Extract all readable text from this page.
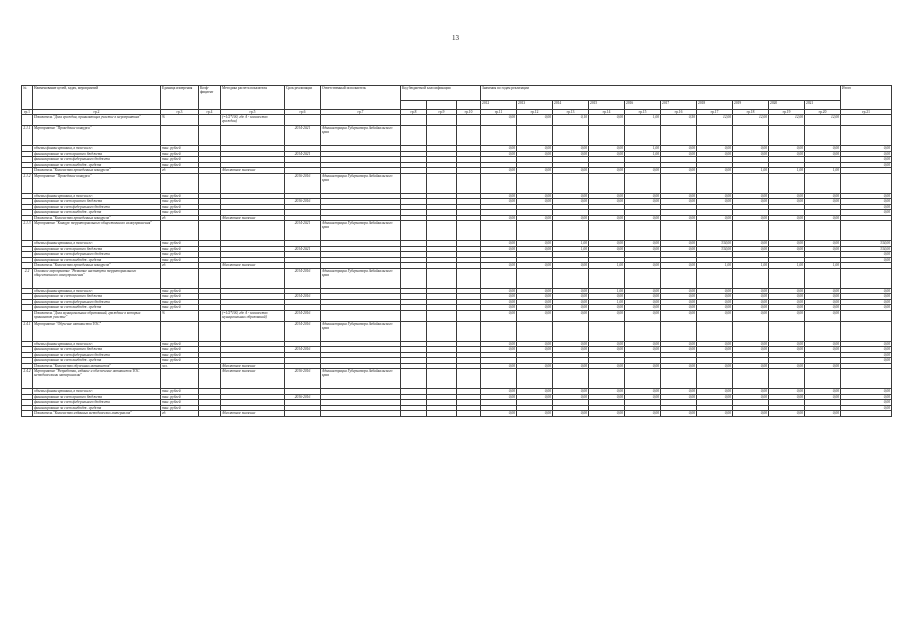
13
№	Наименование целей, задач, мероприятий	Единица измерения	Коэф-фициент	Методика расчета показателя	Срок реализации	Ответственный исполнитель	Код бюджетной классификации			Значения по годам реализации										Итого
										2012	2013	2014	2015	2016	2017	2018	2019	2020	2021	
гр.1	гр.2	гр.3	гр.4	гр.5	гр.6	гр.7	гр.8	гр.9	гр.10	гр.11	гр.12	гр.13	гр.14	гр.15	гр.16	гр.17	гр.18	гр.19	гр.20	гр.21
	Показатель "Доля граждан, принимающих участие в мероприятиях"	%		(=1/2*100, где А - количество граждан)						0,00	0,00	0,10	0,00	1,00	0,50	12,00	12,00	12,00	12,00	
2.1.1	Мероприятие "Проведение конкурса"				2014-2021	Администрация Губернатора Забайкальского края														
	объемы финансирования, в том числе:	тыс. рублей								0,00	0,00	0,00	0,00	1,00	0,00	0,00	0,00	0,00	0,00	0,00
	финансирование за счет краевого бюджета	тыс. рублей			2014-2021					0,00	0,00	0,00	0,00	1,00	0,00	0,00	0,00	0,00	0,00	0,00
	финансирование за счет федерального бюджета	тыс. рублей																		0,00
	финансирование за счет внебюдж. средств	тыс. рублей																		0,00
	Показатель "Количество проведенных конкурсов"	ед.		Абсолютное значение						0,00	0,00	0,00	0,00	0,00	0,00	0,00	1,00	1,00	1,00	
2.1.2	Мероприятие "Проведение конкурса"				2016-2016	Администрация Губернатора Забайкальского края														
	объемы финансирования, в том числе:	тыс. рублей								0,00	0,00	0,00	0,00	0,00	0,00	0,00	0,00	0,00	0,00	0,00
	финансирование за счет краевого бюджета	тыс. рублей			2016-2016					0,00	0,00	0,00	0,00	0,00	0,00	0,00	0,00	0,00	0,00	0,00
	финансирование за счет федерального бюджета	тыс. рублей																		0,00
	финансирование за счет внебюдж. средств	тыс. рублей																		0,00
	Показатель "Количество проведенных конкурсов"	ед.		Абсолютное значение						0,00	0,00	0,00	0,00	0,00	0,00	0,00	0,00	0,00	0,00	
2.1.3	Мероприятие "Конкурс территориального общественного самоуправления"				2014-2021	Администрация Губернатора Забайкальского края														
	объемы финансирования, в том числе:	тыс. рублей								0,00	0,00	1,00	0,00	0,00	0,00	334,00	0,00	0,00	0,00	334,00
	финансирование за счет краевого бюджета	тыс. рублей			2014-2021					0,00	0,00	1,00	0,00	0,00	0,00	334,00	0,00	0,00	0,00	334,00
	финансирование за счет федерального бюджета	тыс. рублей																		0,00
	финансирование за счет внебюдж. средств	тыс. рублей																		0,00
	Показатель "Количество проведенных конкурсов"	ед.		Абсолютное значение						0,00	0,00	0,00	1,00	0,00	0,00	1,00	1,00	1,00	1,00	
2.2	Основное мероприятие "Развитие института территориального общественного самоуправления"				2014-2016	Администрация Губернатора Забайкальского края														
	объемы финансирования, в том числе:	тыс. рублей								0,00	0,00	0,00	1,00	0,00	0,00	0,00	0,00	0,00	0,00	0,00
	финансирование за счет краевого бюджета	тыс. рублей			2014-2016					0,00	0,00	0,00	0,00	0,00	0,00	0,00	0,00	0,00	0,00	0,00
	финансирование за счет федерального бюджета	тыс. рублей								0,00	0,00	0,00	1,00	0,00	0,00	0,00	0,00	0,00	0,00	0,00
	финансирование за счет внебюдж. средств	тыс. рублей								0,00	0,00	0,00	0,00	0,00	0,00	0,00	0,00	0,00	0,00	0,00
	Показатель "Доля муниципальных образований, граждане в которых принимают участие"	%		(=1/2*100, где А - количество муниципальных образований)	2014-2016					0,00	0,00	0,00	0,00	0,00	0,00	0,00	0,00	0,00	0,00	
2.4.1	Мероприятие "Обучение активистов ТОС"				2014-2016	Администрация Губернатора Забайкальского края														
	объемы финансирования, в том числе:	тыс. рублей								0,00	0,00	0,00	0,00	0,00	0,00	0,00	0,00	0,00	0,00	0,00
	финансирование за счет краевого бюджета	тыс. рублей			2014-2016					0,00	0,00	0,00	0,00	0,00	0,00	0,00	0,00	0,00	0,00	0,00
	финансирование за счет федерального бюджета	тыс. рублей																		0,00
	финансирование за счет внебюдж. средств	тыс. рублей																		0,00
	Показатель "Количество обученных активистов"	чел.		Абсолютное значение						0,00	0,00	0,00	0,00	0,00	0,00	0,00	0,00	0,00	0,00	
2.4.2	Мероприятие "Разработка, издание и обеспечение активистов ТОС методическими материалами"			Абсолютное значение	2016-2016	Администрация Губернатора Забайкальского края														
	объемы финансирования, в том числе:	тыс. рублей								0,00	0,00	0,00	0,00	0,00	0,00	0,00	0,00	0,00	0,00	0,00
	финансирование за счет краевого бюджета	тыс. рублей			2016-2016					0,00	0,00	0,00	0,00	0,00	0,00	0,00	0,00	0,00	0,00	0,00
	финансирование за счет федерального бюджета	тыс. рублей																		0,00
	финансирование за счет внебюдж. средств	тыс. рублей																		0,00
	Показатель "Количество изданных методических материалов"	ед.		Абсолютное значение						0,00	0,00	0,00	0,00	0,00	0,00	0,00	0,00	0,00	0,00	
